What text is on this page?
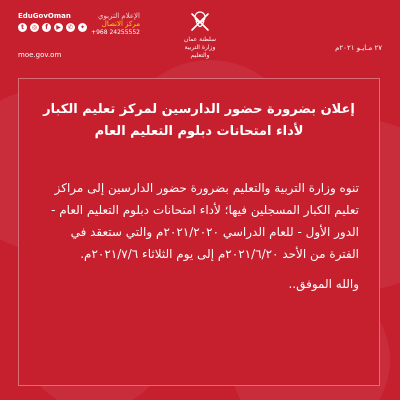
EduGovOman
t	◎	f	▶	✆	✦
الإعلام التربوي
مركز الاتصال
+968 24255552
moe.gov.om
سلطنة عمان
وزارة التربية والتعليم
٢٧ مـايـو ٢٠٢١م
إعلان بضرورة حضور الدارسين لمركز تعليم الكبار لأداء امتحانات دبلوم التعليم العام

تنوه وزارة التربية والتعليم بضرورة حضور الدارسين إلى مراكز تعليم الكبار المسجلين فيها؛ لأداء امتحانات دبلوم التعليم العام - الدور الأول - للعام الدراسي ٢٠٢١/٢٠٢٠م والتي ستعقد في الفترة من الأحد ٢٠٢١/٦/٢٠م إلى يوم الثلاثاء ٢٠٢١/٧/٦م.

والله الموفق..
